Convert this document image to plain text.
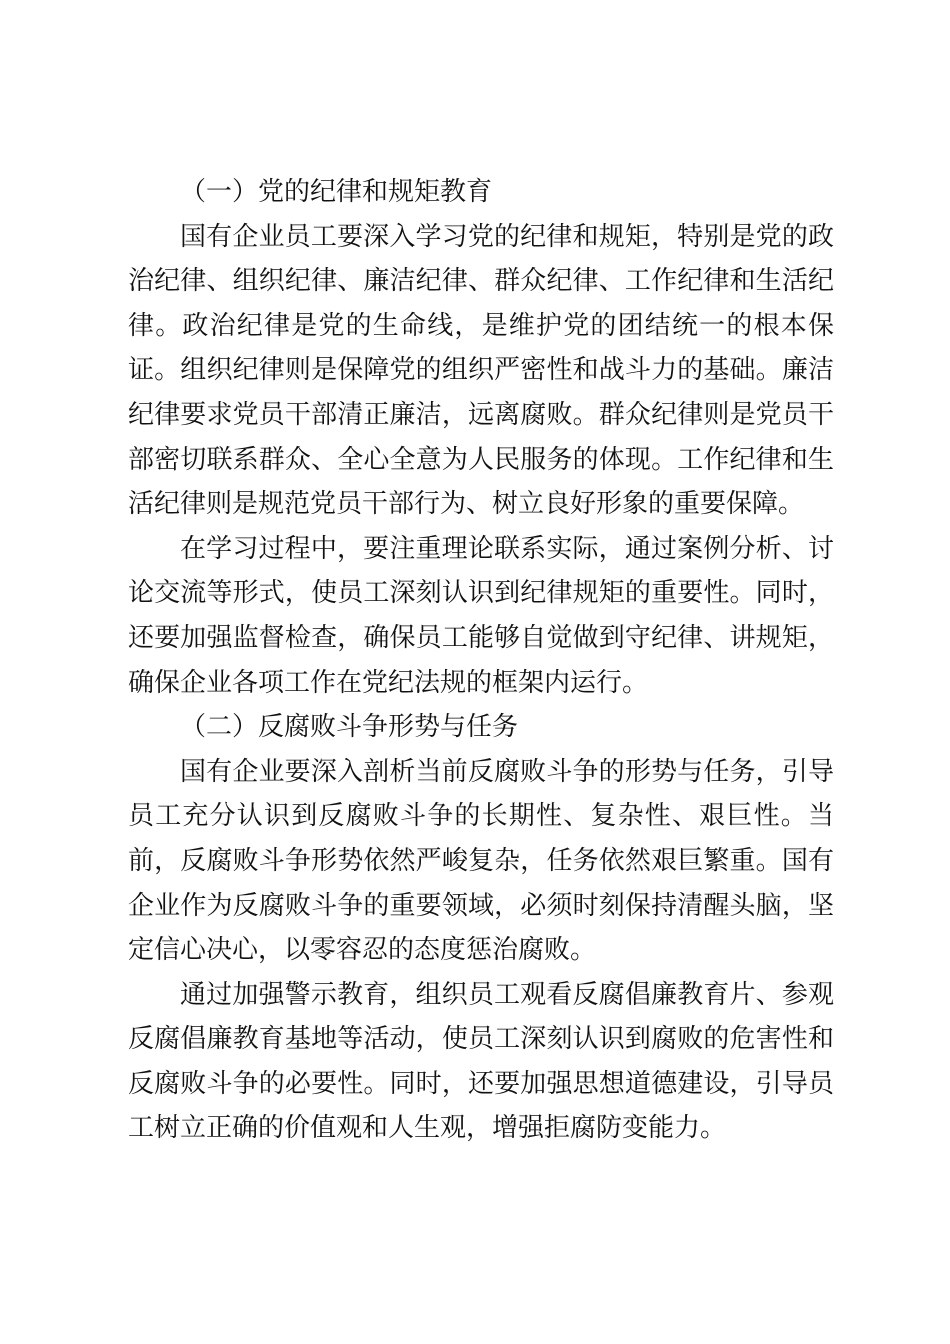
（一）党的纪律和规矩教育

国有企业员工要深入学习党的纪律和规矩，特别是党的政治纪律、组织纪律、廉洁纪律、群众纪律、工作纪律和生活纪律。政治纪律是党的生命线，是维护党的团结统一的根本保证。组织纪律则是保障党的组织严密性和战斗力的基础。廉洁纪律要求党员干部清正廉洁，远离腐败。群众纪律则是党员干部密切联系群众、全心全意为人民服务的体现。工作纪律和生活纪律则是规范党员干部行为、树立良好形象的重要保障。

在学习过程中，要注重理论联系实际，通过案例分析、讨论交流等形式，使员工深刻认识到纪律规矩的重要性。同时，还要加强监督检查，确保员工能够自觉做到守纪律、讲规矩，确保企业各项工作在党纪法规的框架内运行。

（二）反腐败斗争形势与任务

国有企业要深入剖析当前反腐败斗争的形势与任务，引导员工充分认识到反腐败斗争的长期性、复杂性、艰巨性。当前，反腐败斗争形势依然严峻复杂，任务依然艰巨繁重。国有企业作为反腐败斗争的重要领域，必须时刻保持清醒头脑，坚定信心决心，以零容忍的态度惩治腐败。

通过加强警示教育，组织员工观看反腐倡廉教育片、参观反腐倡廉教育基地等活动，使员工深刻认识到腐败的危害性和反腐败斗争的必要性。同时，还要加强思想道德建设，引导员工树立正确的价值观和人生观，增强拒腐防变能力。
